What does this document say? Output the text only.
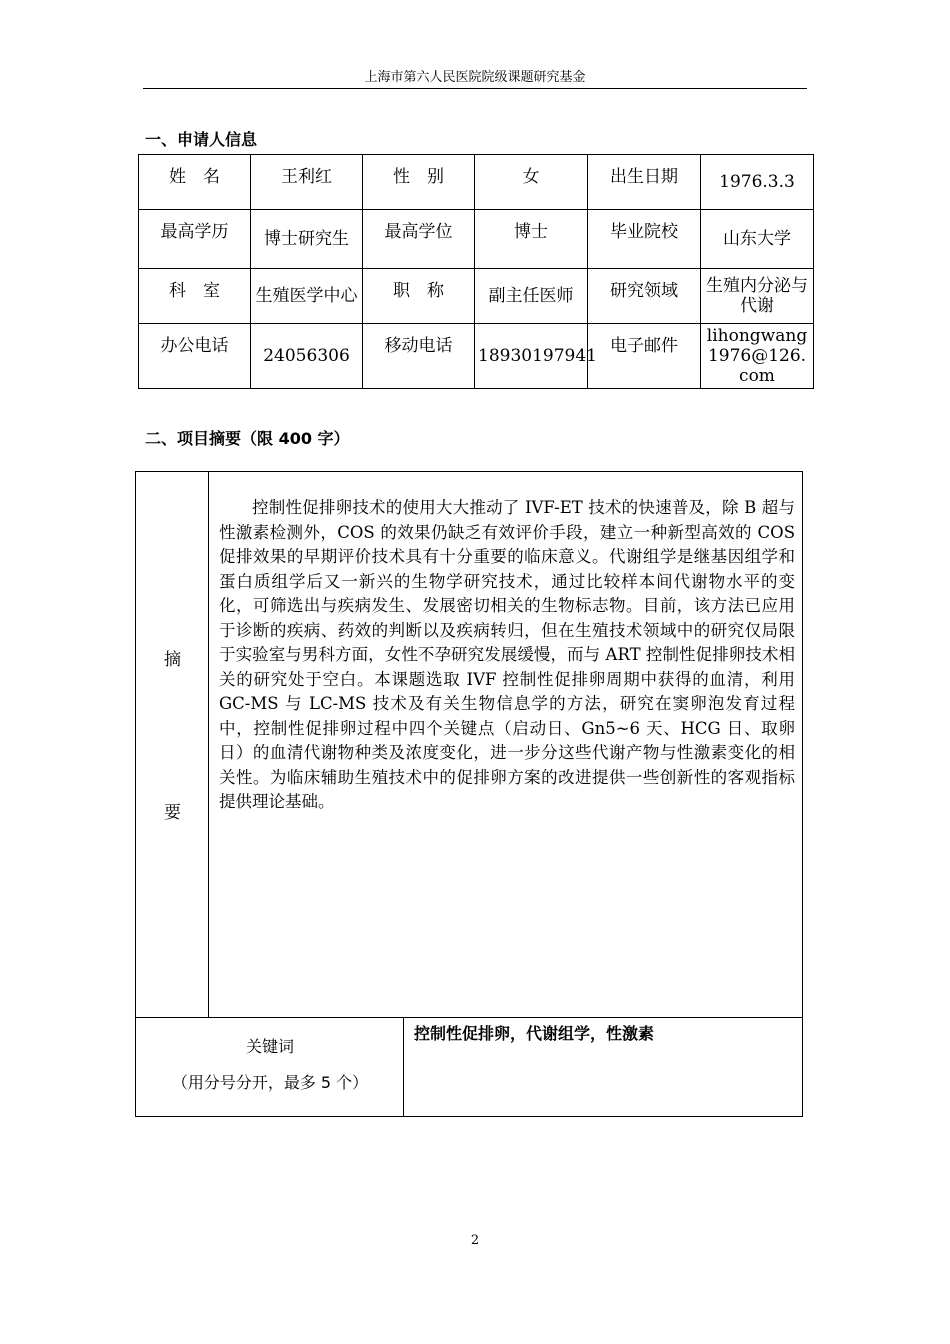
上海市第六人民医院院级课题研究基金
一、申请人信息
姓　名	王利红	性　别	女	出生日期	1976.3.3
最高学历	博士研究生	最高学位	博士	毕业院校	山东大学
科　室	生殖医学中心	职　称	副主任医师	研究领域	生殖内分泌与代谢
办公电话	24056306	移动电话	18930197941	电子邮件	lihongwang1976@126.com
二、项目摘要（限 400 字）
摘
要

控制性促排卵技术的使用大大推动了 IVF-ET 技术的快速普及，除 B 超与性激素检测外，COS 的效果仍缺乏有效评价手段，建立一种新型高效的 COS 促排效果的早期评价技术具有十分重要的临床意义。代谢组学是继基因组学和蛋白质组学后又一新兴的生物学研究技术，通过比较样本间代谢物水平的变化，可筛选出与疾病发生、发展密切相关的生物标志物。目前，该方法已应用于诊断的疾病、药效的判断以及疾病转归，但在生殖技术领域中的研究仅局限于实验室与男科方面，女性不孕研究发展缓慢，而与 ART 控制性促排卵技术相关的研究处于空白。本课题选取 IVF 控制性促排卵周期中获得的血清，利用 GC-MS 与 LC-MS 技术及有关生物信息学的方法，研究在窦卵泡发育过程中，控制性促排卵过程中四个关键点（启动日、Gn5~6 天、HCG 日、取卵日）的血清代谢物种类及浓度变化，进一步分这些代谢产物与性激素变化的相关性。为临床辅助生殖技术中的促排卵方案的改进提供一些创新性的客观指标提供理论基础。

关键词
（用分号分开，最多 5 个）
控制性促排卵，代谢组学，性激素
2
